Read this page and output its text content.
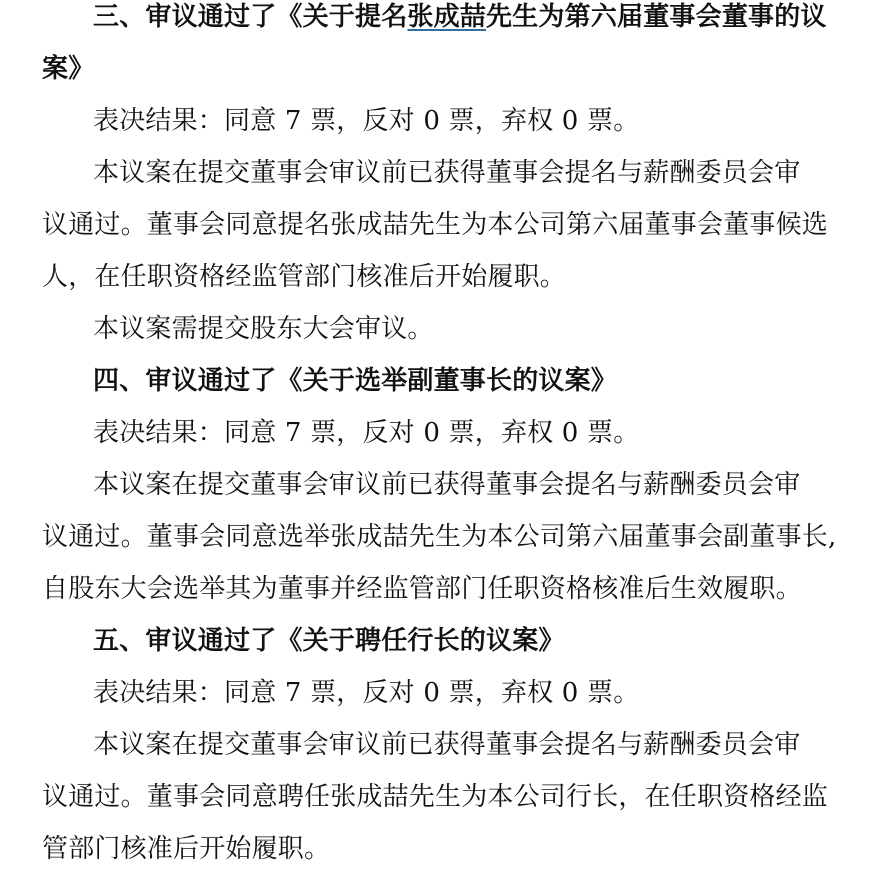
三、审议通过了《关于提名张成喆先生为第六届董事会董事的议
案》
表决结果：同意 7 票，反对 0 票，弃权 0 票。
本议案在提交董事会审议前已获得董事会提名与薪酬委员会审
议通过。董事会同意提名张成喆先生为本公司第六届董事会董事候选
人，在任职资格经监管部门核准后开始履职。
本议案需提交股东大会审议。
四、审议通过了《关于选举副董事长的议案》
表决结果：同意 7 票，反对 0 票，弃权 0 票。
本议案在提交董事会审议前已获得董事会提名与薪酬委员会审
议通过。董事会同意选举张成喆先生为本公司第六届董事会副董事长,
自股东大会选举其为董事并经监管部门任职资格核准后生效履职。
五、审议通过了《关于聘任行长的议案》
表决结果：同意 7 票，反对 0 票，弃权 0 票。
本议案在提交董事会审议前已获得董事会提名与薪酬委员会审
议通过。董事会同意聘任张成喆先生为本公司行长，在任职资格经监
管部门核准后开始履职。
